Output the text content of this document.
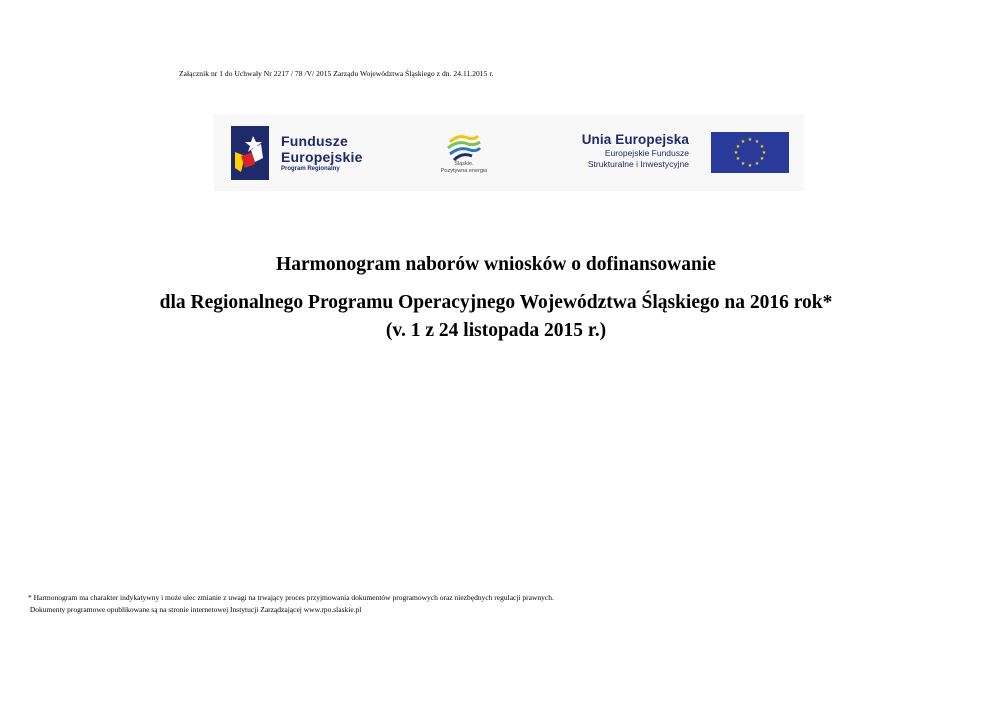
Załącznik nr 1 do Uchwały Nr 2217 / 78 /V/ 2015 Zarządu Województwa Śląskiego z dn. 24.11.2015 r.
Fundusze
Europejskie
Program Regionalny
Śląskie.
Pozytywna energia
Unia Europejska
Europejskie Fundusze
Strukturalne i Inwestycyjne
★ ★
★
★
★
★
★
★
★
★
★
★
Harmonogram naborów wniosków o dofinansowanie
dla Regionalnego Programu Operacyjnego Województwa Śląskiego na 2016 rok*
(v. 1 z 24 listopada 2015 r.)
* Harmonogram ma charakter indykatywny i może ulec zmianie z uwagi na trwający proces przyjmowania dokumentów programowych oraz niezbędnych regulacji prawnych.
Dokumenty programowe opublikowane są na stronie internetowej Instytucji Zarządzającej www.rpo.slaskie.pl
